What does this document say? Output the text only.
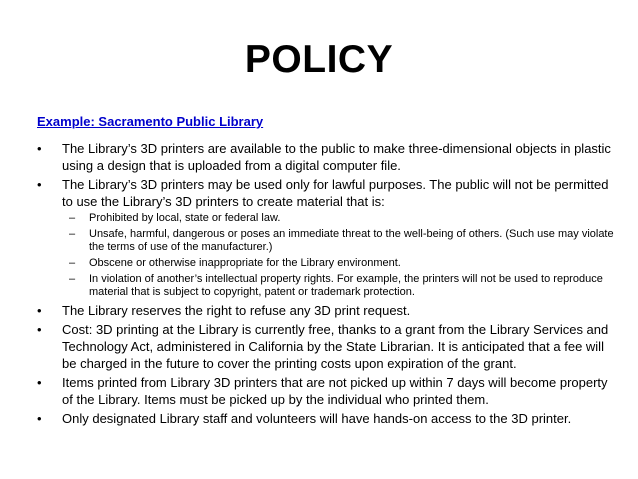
POLICY
Example: Sacramento Public Library
•	The Library’s 3D printers are available to the public to make three-dimensional objects in plastic using a design that is uploaded from a digital computer file.
•	The Library’s 3D printers may be used only for lawful purposes. The public will not be permitted to use the Library’s 3D printers to create material that is:
– Prohibited by local, state or federal law.
– Unsafe, harmful, dangerous or poses an immediate threat to the well-being of others. (Such use may violate the terms of use of the manufacturer.)
– Obscene or otherwise inappropriate for the Library environment.
– In violation of another’s intellectual property rights. For example, the printers will not be used to reproduce material that is subject to copyright, patent or trademark protection.
•	The Library reserves the right to refuse any 3D print request.
•	Cost: 3D printing at the Library is currently free, thanks to a grant from the Library Services and Technology Act, administered in California by the State Librarian. It is anticipated that a fee will be charged in the future to cover the printing costs upon expiration of the grant.
•	Items printed from Library 3D printers that are not picked up within 7 days will become property of the Library. Items must be picked up by the individual who printed them.
•	Only designated Library staff and volunteers will have hands-on access to the 3D printer.
